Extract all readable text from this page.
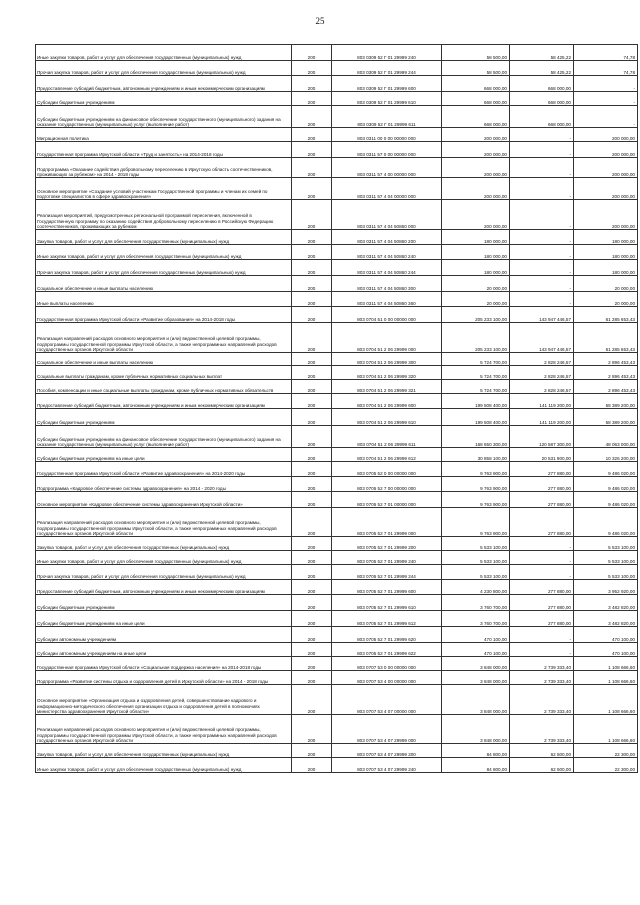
25
Иные закупки товаров, работ и услуг для обеспечения государственных (муниципальных) нужд	200	803 0309 52 Г 01 29999 240	58 500,00	58 425,22	74,78
Прочая закупка товаров, работ и услуг для обеспечения государственных (муниципальных) нужд	200	803 0309 52 Г 01 29999 244	58 500,00	58 425,22	74,78
Предоставление субсидий бюджетным, автономным учреждениям и иным некоммерческим организациям	200	803 0309 52 Г 01 29999 600	668 000,00	668 000,00	-
Субсидии бюджетным учреждениям	200	803 0309 52 Г 01 29999 610	668 000,00	668 000,00	-
Субсидии бюджетным учреждениям на финансовое обеспечение государственного (муниципального) задания на оказание государственных (муниципальных) услуг (выполнение работ)	200	803 0309 52 Г 01 29999 611	668 000,00	668 000,00	-
Миграционная политика	200	803 0311 00 0 00 00000 000	200 000,00	-	200 000,00
Государственная программа Иркутской области «Труд и занятость» на 2014-2018 годы	200	803 0311 57 0 00 00000 000	200 000,00	-	200 000,00
Подпрограмма «Оказание содействия добровольному переселению в Иркутскую область соотечественников, проживающих за рубежом» на 2014 - 2018 годы	200	803 0311 57 4 00 00000 000	200 000,00	-	200 000,00
Основное мероприятие «Создание условий участникам Государственной программы и членам их семей по подготовке специалистов в сфере здравоохранения»	200	803 0311 57 4 04 00000 000	200 000,00	-	200 000,00
Реализация мероприятий, предусмотренных региональной программой переселения, включенной в Государственную программу по оказанию содействия добровольному переселению в Российскую Федерацию соотечественников, проживающих за рубежом	200	803 0311 57 4 04 50860 000	200 000,00	-	200 000,00
Закупка товаров, работ и услуг для обеспечения государственных (муниципальных) нужд	200	803 0311 57 4 04 50860 200	180 000,00	-	180 000,00
Иные закупки товаров, работ и услуг для обеспечения государственных (муниципальных) нужд	200	803 0311 57 4 04 50860 240	180 000,00	-	180 000,00
Прочая закупка товаров, работ и услуг для обеспечения государственных (муниципальных) нужд	200	803 0311 57 4 04 50860 244	180 000,00	-	180 000,00
Социальное обеспечение и иные выплаты населению	200	803 0311 57 4 04 50860 300	20 000,00	-	20 000,00
Иные выплаты населению	200	803 0311 57 4 04 50860 360	20 000,00	-	20 000,00
Государственная программа Иркутской области «Развитие образования» на 2014-2018 годы	200	803 0704 51 0 00 00000 000	205 233 100,00	143 947 446,57	61 285 653,43
Реализация направлений расходов основного мероприятия и (или) ведомственной целевой программы, подпрограммы государственной программы Иркутской области, а также непрограммных направлений расходов государственных органов Иркутской области	200	803 0704 51 2 06 29999 000	205 233 100,00	143 947 446,57	61 285 653,43
Социальное обеспечение и иные выплаты населению	200	803 0704 51 2 06 29999 300	5 724 700,00	2 828 246,57	2 896 453,43
Социальные выплаты гражданам, кроме публичных нормативных социальных выплат	200	803 0704 51 2 06 29999 320	5 724 700,00	2 828 246,57	2 896 453,43
Пособия, компенсации и иные социальные выплаты гражданам, кроме публичных нормативных обязательств	200	803 0704 51 2 06 29999 321	5 724 700,00	2 828 246,57	2 896 453,43
Предоставление субсидий бюджетным, автономным учреждениям и иным некоммерческим организациям	200	803 0704 51 2 06 29999 600	199 508 400,00	141 119 200,00	58 389 200,00
Субсидии бюджетным учреждениям	200	803 0704 51 2 06 29999 610	199 508 400,00	141 119 200,00	58 389 200,00
Субсидии бюджетным учреждениям на финансовое обеспечение государственного (муниципального) задания на оказание государственных (муниципальных) услуг (выполнение работ)	200	803 0704 51 2 06 29999 611	168 650 300,00	120 587 300,00	48 063 000,00
Субсидии бюджетным учреждениям на иные цели	200	803 0704 51 2 06 29999 612	30 858 100,00	20 531 900,00	10 326 200,00
Государственная программа Иркутской области «Развитие здравоохранения» на 2014-2020 годы	200	803 0705 52 0 00 00000 000	9 763 900,00	277 880,00	9 486 020,00
Подпрограмма «Кадровое обеспечение системы здравоохранения» на 2014 - 2020 годы	200	803 0705 52 7 00 00000 000	9 763 900,00	277 880,00	9 486 020,00
Основное мероприятие «Кадровое обеспечение системы здравоохранения Иркутской области»	200	803 0705 52 7 01 00000 000	9 763 900,00	277 880,00	9 486 020,00
Реализация направлений расходов основного мероприятия и (или) ведомственной целевой программы, подпрограммы государственной программы Иркутской области, а также непрограммных направлений расходов государственных органов Иркутской области	200	803 0705 52 7 01 29999 000	9 763 900,00	277 880,00	9 486 020,00
Закупка товаров, работ и услуг для обеспечения государственных (муниципальных) нужд	200	803 0705 52 7 01 29999 200	5 533 100,00	-	5 533 100,00
Иные закупки товаров, работ и услуг для обеспечения государственных (муниципальных) нужд	200	803 0705 52 7 01 29999 240	5 533 100,00	-	5 533 100,00
Прочая закупка товаров, работ и услуг для обеспечения государственных (муниципальных) нужд	200	803 0705 52 7 01 29999 244	5 533 100,00	-	5 533 100,00
Предоставление субсидий бюджетным, автономным учреждениям и иным некоммерческим организациям	200	803 0705 52 7 01 29999 600	4 230 800,00	277 880,00	3 952 920,00
Субсидии бюджетным учреждениям	200	803 0705 52 7 01 29999 610	3 760 700,00	277 880,00	3 482 820,00
Субсидии бюджетным учреждениям на иные цели	200	803 0705 52 7 01 29999 612	3 760 700,00	277 880,00	3 482 820,00
Субсидии автономным учреждениям	200	803 0705 52 7 01 29999 620	470 100,00	-	470 100,00
Субсидии автономным учреждениям на иные цели	200	803 0705 52 7 01 29999 622	470 100,00	-	470 100,00
Государственная программа Иркутской области «Социальная поддержка населения» на 2014-2018 годы	200	803 0707 53 0 00 00000 000	3 848 000,00	2 739 333,40	1 108 666,60
Подпрограмма «Развитие системы отдыха и оздоровления детей в Иркутской области» на 2014 - 2018 годы	200	803 0707 53 4 00 00000 000	3 848 000,00	2 739 333,40	1 108 666,60
Основное мероприятие «Организация отдыха и оздоровления детей, совершенствование кадрового и информационно-методического обеспечения организации отдыха и оздоровления детей в полномочиях министерства здравоохранения Иркутской области»	200	803 0707 53 4 07 00000 000	3 848 000,00	2 739 333,40	1 108 666,60
Реализация направлений расходов основного мероприятия и (или) ведомственной целевой программы, подпрограммы государственной программы Иркутской области, а также непрограммных направлений расходов государственных органов Иркутской области	200	803 0707 53 4 07 29999 000	3 848 000,00	2 739 333,40	1 108 666,60
Закупка товаров, работ и услуг для обеспечения государственных (муниципальных) нужд	200	803 0707 53 4 07 29999 200	84 800,00	62 500,00	22 300,00
Иные закупки товаров, работ и услуг для обеспечения государственных (муниципальных) нужд	200	803 0707 53 4 07 29999 240	84 800,00	62 500,00	22 300,00
